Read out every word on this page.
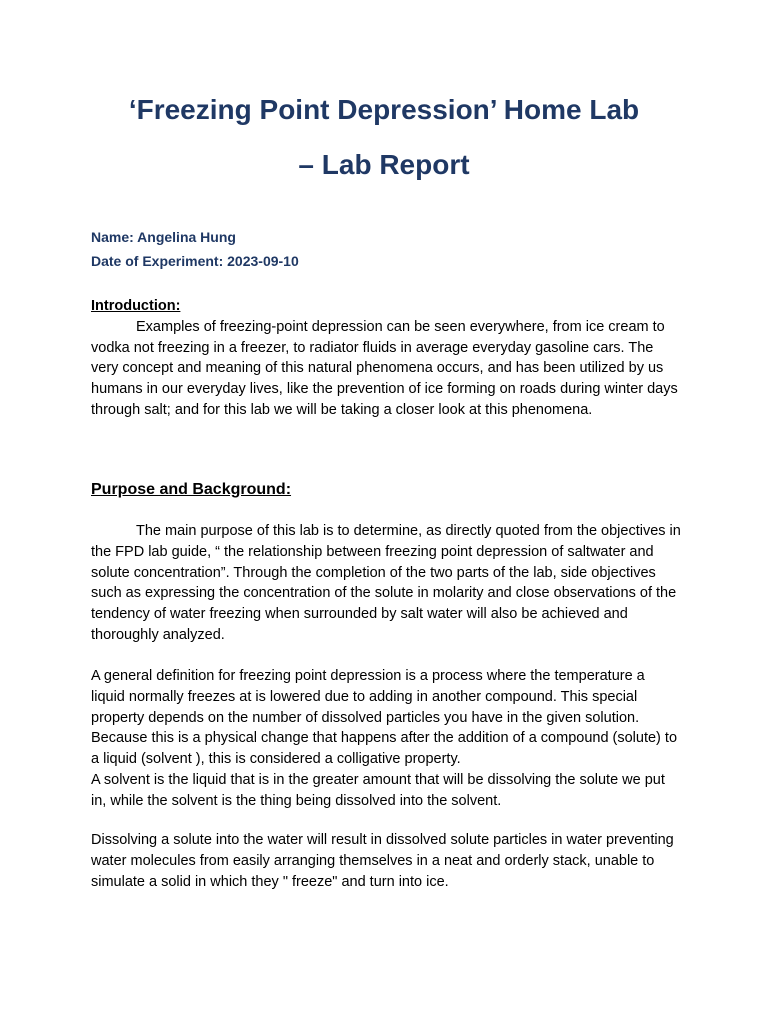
‘Freezing Point Depression’ Home Lab
– Lab Report

Name: Angelina Hung

Date of Experiment: 2023-09-10

Introduction:

Examples of freezing-point depression can be seen everywhere, from ice cream to vodka not freezing in a freezer, to radiator fluids in average everyday gasoline cars. The very concept and meaning of this natural phenomena occurs, and has been utilized by us humans in our everyday lives, like the prevention of ice forming on roads during winter days through salt; and for this lab we will be taking a closer look at this phenomena.

Purpose and Background:

The main purpose of this lab is to determine, as directly quoted from the objectives in the FPD lab guide, “ the relationship between freezing point depression of saltwater and solute concentration”. Through the completion of the two parts of the lab, side objectives such as expressing the concentration of the solute in molarity and close observations of the tendency of water freezing when surrounded by salt water will also be achieved and thoroughly analyzed.

A general definition for freezing point depression is a process where the temperature a liquid normally freezes at is lowered due to adding in another compound. This special property depends on the number of dissolved particles you have in the given solution. Because this is a physical change that happens after the addition of a compound (solute) to a liquid (solvent ), this is considered a colligative property.

A solvent is the liquid that is in the greater amount that will be dissolving the solute we put in, while the solvent is the thing being dissolved into the solvent.

Dissolving a solute into the water will result in dissolved solute particles in water preventing water molecules from easily arranging themselves in a neat and orderly stack, unable to simulate a solid in which they " freeze" and turn into ice.
